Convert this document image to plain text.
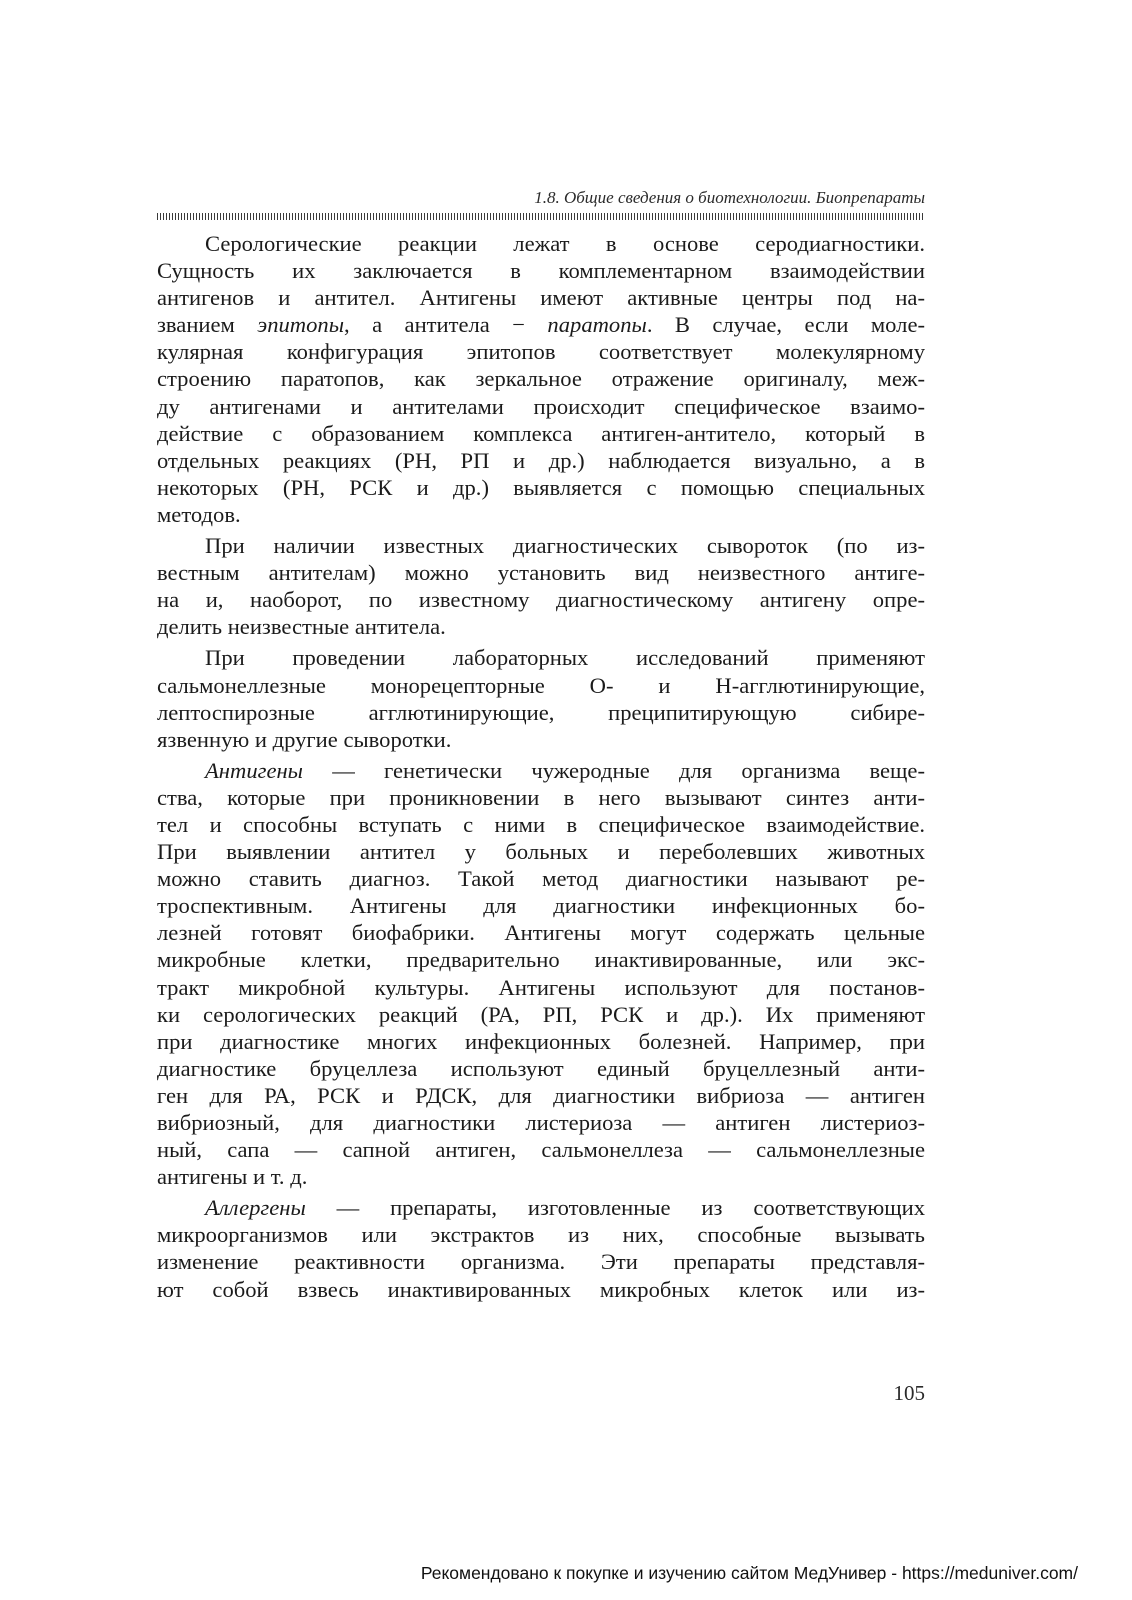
1.8. Общие сведения о биотехнологии. Биопрепараты

Серологические реакции лежат в основе серодиагностики.
Сущность их заключается в комплементарном взаимодействии
антигенов и антител. Антигены имеют активные центры под на-
званием эпитопы, а антитела − паратопы. В случае, если моле-
кулярная конфигурация эпитопов соответствует молекулярному
строению паратопов, как зеркальное отражение оригиналу, меж-
ду антигенами и антителами происходит специфическое взаимо-
действие с образованием комплекса антиген-антитело, который в
отдельных реакциях (РН, РП и др.) наблюдается визуально, а в
некоторых (РН, РСК и др.) выявляется с помощью специальных
методов.

При наличии известных диагностических сывороток (по из-
вестным антителам) можно установить вид неизвестного антиге-
на и, наоборот, по известному диагностическому антигену опре-
делить неизвестные антитела.

При проведении лабораторных исследований применяют
сальмонеллезные монорецепторные О- и Н-агглютинирующие,
лептоспирозные агглютинирующие, преципитирующую сибире-
язвенную и другие сыворотки.

Антигены — генетически чужеродные для организма веще-
ства, которые при проникновении в него вызывают синтез анти-
тел и способны вступать с ними в специфическое взаимодействие.
При выявлении антител у больных и переболевших животных
можно ставить диагноз. Такой метод диагностики называют ре-
троспективным. Антигены для диагностики инфекционных бо-
лезней готовят биофабрики. Антигены могут содержать цельные
микробные клетки, предварительно инактивированные, или экс-
тракт микробной культуры. Антигены используют для постанов-
ки серологических реакций (РА, РП, РСК и др.). Их применяют
при диагностике многих инфекционных болезней. Например, при
диагностике бруцеллеза используют единый бруцеллезный анти-
ген для РА, РСК и РДСК, для диагностики вибриоза — антиген
вибриозный, для диагностики листериоза — антиген листериоз-
ный, сапа — сапной антиген, сальмонеллеза — сальмонеллезные
антигены и т. д.

Аллергены — препараты, изготовленные из соответствующих
микроорганизмов или экстрактов из них, способные вызывать
изменение реактивности организма. Эти препараты представля-
ют собой взвесь инактивированных микробных клеток или из-

105
Рекомендовано к покупке и изучению сайтом МедУнивер - https://meduniver.com/
